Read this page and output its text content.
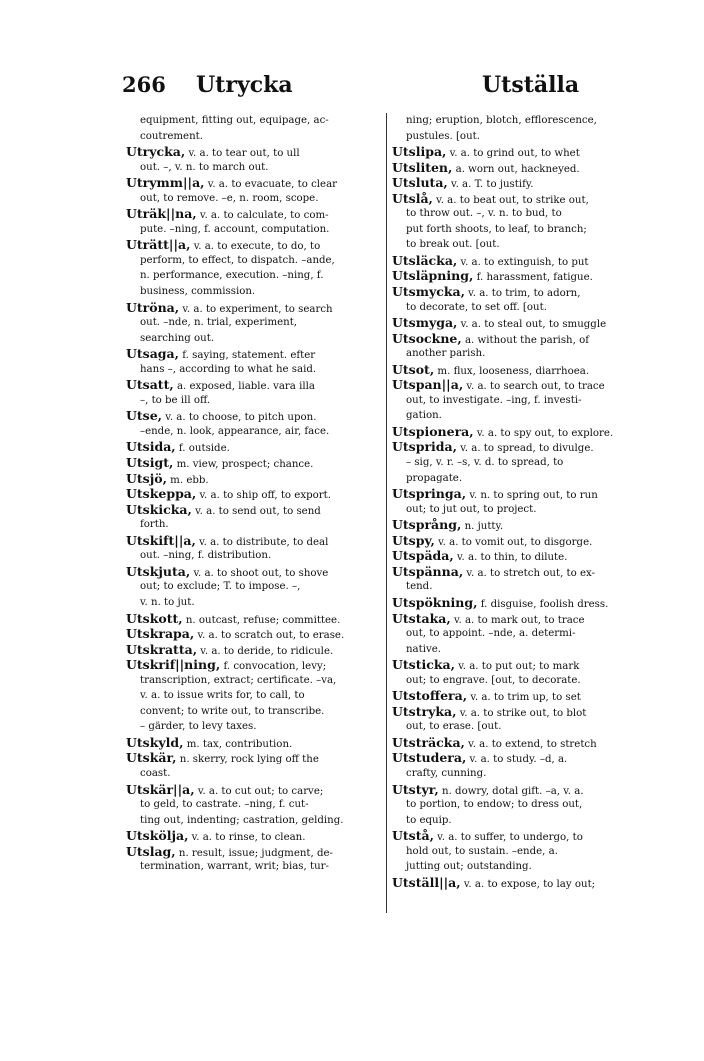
266 Utrycka	Utställa
equipment, fitting out, equipage, ac-
coutrement.
Utrycka, v. a. to tear out, to ull
out. –, v. n. to march out.
Utrymm||a, v. a. to evacuate, to clear
out, to remove. –e, n. room, scope.
Uträk||na, v. a. to calculate, to com-
pute. –ning, f. account, computation.
Uträtt||a, v. a. to execute, to do, to
perform, to effect, to dispatch. –ande,
n. performance, execution. –ning, f.
business, commission.
Utröna, v. a. to experiment, to search
out. –nde, n. trial, experiment,
searching out.
Utsaga, f. saying, statement. efter
hans –, according to what he said.
Utsatt, a. exposed, liable. vara illa
–, to be ill off.
Utse, v. a. to choose, to pitch upon.
–ende, n. look, appearance, air, face.
Utsida, f. outside.
Utsigt, m. view, prospect; chance.
Utsjö, m. ebb.
Utskeppa, v. a. to ship off, to export.
Utskicka, v. a. to send out, to send
forth.
Utskift||a, v. a. to distribute, to deal
out. –ning, f. distribution.
Utskjuta, v. a. to shoot out, to shove
out; to exclude; T. to impose. –,
v. n. to jut.
Utskott, n. outcast, refuse; committee.
Utskrapa, v. a. to scratch out, to erase.
Utskratta, v. a. to deride, to ridicule.
Utskrif||ning, f. convocation, levy;
transcription, extract; certificate. –va,
v. a. to issue writs for, to call, to
convent; to write out, to transcribe.
– gärder, to levy taxes.
Utskyld, m. tax, contribution.
Utskär, n. skerry, rock lying off the
coast.
Utskär||a, v. a. to cut out; to carve;
to geld, to castrate. –ning, f. cut-
ting out, indenting; castration, gelding.
Utskölja, v. a. to rinse, to clean.
Utslag, n. result, issue; judgment, de-
termination, warrant, writ; bias, tur-
ning; eruption, blotch, efflorescence,
pustules. [out.
Utslipa, v. a. to grind out, to whet
Utsliten, a. worn out, hackneyed.
Utsluta, v. a. T. to justify.
Utslå, v. a. to beat out, to strike out,
to throw out. –, v. n. to bud, to
put forth shoots, to leaf, to branch;
to break out. [out.
Utsläcka, v. a. to extinguish, to put
Utsläpning, f. harassment, fatigue.
Utsmycka, v. a. to trim, to adorn,
to decorate, to set off. [out.
Utsmyga, v. a. to steal out, to smuggle
Utsockne, a. without the parish, of
another parish.
Utsot, m. flux, looseness, diarrhoea.
Utspan||a, v. a. to search out, to trace
out, to investigate. –ing, f. investi-
gation.
Utspionera, v. a. to spy out, to explore.
Utsprida, v. a. to spread, to divulge.
– sig, v. r. –s, v. d. to spread, to
propagate.
Utspringa, v. n. to spring out, to run
out; to jut out, to project.
Utsprång, n. jutty.
Utspy, v. a. to vomit out, to disgorge.
Utspäda, v. a. to thin, to dilute.
Utspänna, v. a. to stretch out, to ex-
tend.
Utspökning, f. disguise, foolish dress.
Utstaka, v. a. to mark out, to trace
out, to appoint. –nde, a. determi-
native.
Utsticka, v. a. to put out; to mark
out; to engrave. [out, to decorate.
Utstoffera, v. a. to trim up, to set
Utstryka, v. a. to strike out, to blot
out, to erase. [out.
Utsträcka, v. a. to extend, to stretch
Utstudera, v. a. to study. –d, a.
crafty, cunning.
Utstyr, n. dowry, dotal gift. –a, v. a.
to portion, to endow; to dress out,
to equip.
Utstå, v. a. to suffer, to undergo, to
hold out, to sustain. –ende, a.
jutting out; outstanding.
Utställ||a, v. a. to expose, to lay out;
